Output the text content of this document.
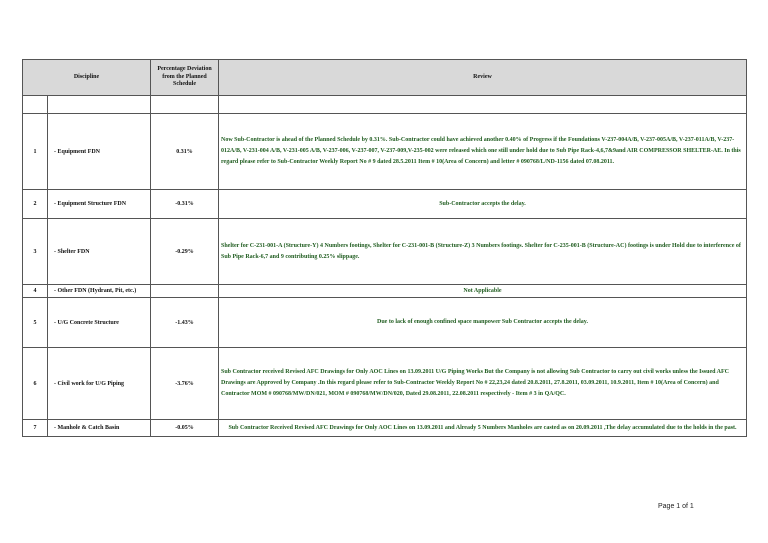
Discipline		Percentage Deviation from the Planned Schedule	Review

1	- Equipment FDN	0.31%	Now Sub-Contractor is ahead of the Planned Schedule by 0.31%. Sub-Contractor could have achieved another 0.40% of Progress if the Foundations V-237-004A/B, V-237-005A/B, V-237-011A/B, V-237-012A/B, V-231-004 A/B, V-231-005 A/B, V-237-006, V-237-007, V-237-009,V-235-002 were released which one still under hold due to Sub Pipe Rack-4,6,7&9and AIR COMPRESSOR SHELTER-AE. In this regard please refer to Sub-Contractor Weekly Report No # 9 dated 28.5.2011 Item # 10(Area of Concern) and letter # 090768/L/ND-1156 dated 07.08.2011.
2	- Equipment Structure FDN	-0.31%	Sub-Contractor accepts the delay.
3	- Shelter FDN	-0.29%	Shelter for C-231-001-A (Structure-Y) 4 Numbers footings, Shelter for C-231-001-B (Structure-Z) 3 Numbers footings. Shelter for C-235-001-B (Structure-AC) footings is under Hold due to interference of Sub Pipe Rack-6,7 and 9 contributing 0.25% slippage.
4	- Other FDN (Hydrant, Pit, etc.)		Not Applicable
5	- U/G Concrete Structure	-1.43%	Due to lack of enough confined space manpower Sub Contractor accepts the delay.
6	- Civil work for U/G Piping	-3.76%	Sub Contractor received Revised AFC Drawings for Only AOC Lines on 13.09.2011 U/G Piping Works But the Company is not allowing Sub Contractor to carry out civil works unless the Issued AFC Drawings are Approved by Company .In this regard please refer to Sub-Contractor Weekly Report No # 22,23,24 dated 20.8.2011, 27.8.2011, 03.09.2011, 10.9.2011, Item # 10(Area of Concern) and Contractor MOM # 090768/MW/DN/021, MOM # 090768/MW/DN/020, Dated 29.08.2011, 22.08.2011 respectively - Item # 3 in QA/QC.
7	- Manhole & Catch Basin	-0.05%	Sub Contractor Received Revised AFC Drawings for Only AOC Lines on 13.09.2011 and Already 5 Numbers Manholes are casted as on 20.09.2011 ,The delay accumulated due to the holds in the past.
Page 1 of 1
